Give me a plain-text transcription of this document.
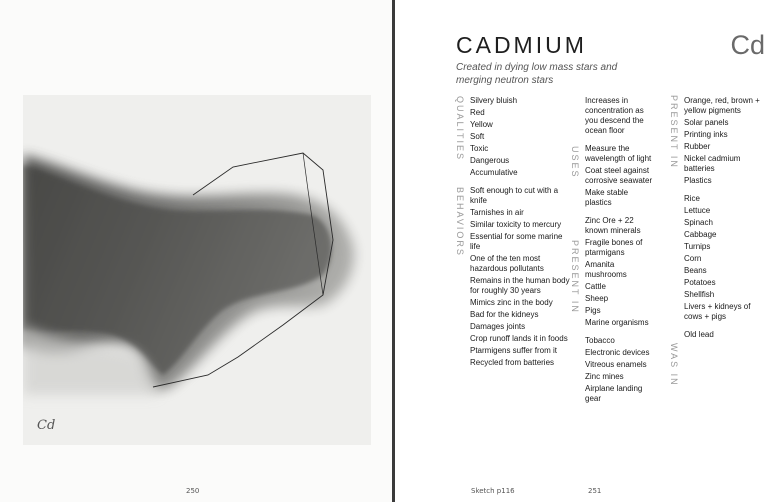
Cd
250
CADMIUM	Cd

Created in dying low mass stars and merging neutron stars

QUALITIES
BEHAVIORS
Silvery bluish
Red
Yellow
Soft
Toxic
Dangerous
Accumulative
Soft enough to cut with a knife
Tarnishes in air
Similar toxicity to mercury
Essential for some marine life
One of the ten most hazardous pollutants
Remains in the human body for roughly 30 years
Mimics zinc in the body
Bad for the kidneys
Damages joints
Crop runoff lands it in foods
Ptarmigens suffer from it
Recycled from batteries
USES
PRESENT IN
Increases in concentration as you descend the ocean floor
Measure the wavelength of light
Coat steel against corrosive seawater
Make stable plastics
Zinc Ore + 22 known minerals
Fragile bones of ptarmigans
Amanita mushrooms
Cattle
Sheep
Pigs
Marine organisms
Tobacco
Electronic devices
Vitreous enamels
Zinc mines
Airplane landing gear
PRESENT IN
WAS IN
Orange, red, brown + yellow pigments
Solar panels
Printing inks
Rubber
Nickel cadmium batteries
Plastics
Rice
Lettuce
Spinach
Cabbage
Turnips
Corn
Beans
Potatoes
Shellfish
Livers + kidneys of cows + pigs
Old lead
Sketch p116	251
